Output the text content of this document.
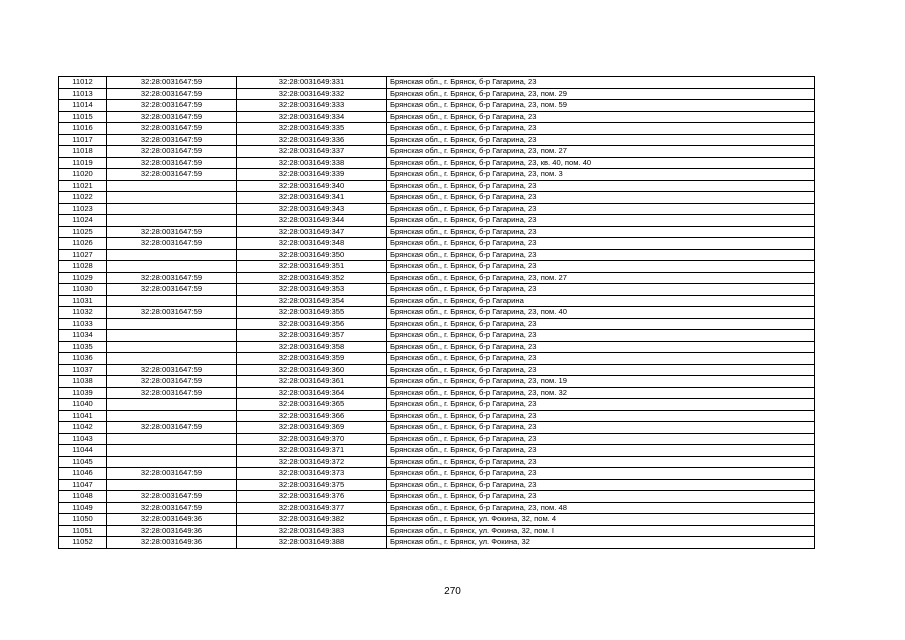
11012	32:28:0031647:59	32:28:0031649:331	Брянская обл., г. Брянск, б-р Гагарина, 23
11013	32:28:0031647:59	32:28:0031649:332	Брянская обл., г. Брянск, б-р Гагарина, 23, пом. 29
11014	32:28:0031647:59	32:28:0031649:333	Брянская обл., г. Брянск, б-р Гагарина, 23, пом. 59
11015	32:28:0031647:59	32:28:0031649:334	Брянская обл., г. Брянск, б-р Гагарина, 23
11016	32:28:0031647:59	32:28:0031649:335	Брянская обл., г. Брянск, б-р Гагарина, 23
11017	32:28:0031647:59	32:28:0031649:336	Брянская обл., г. Брянск, б-р Гагарина, 23
11018	32:28:0031647:59	32:28:0031649:337	Брянская обл., г. Брянск, б-р Гагарина, 23, пом. 27
11019	32:28:0031647:59	32:28:0031649:338	Брянская обл., г. Брянск, б-р Гагарина, 23, кв. 40, пом. 40
11020	32:28:0031647:59	32:28:0031649:339	Брянская обл., г. Брянск, б-р Гагарина, 23, пом. 3
11021		32:28:0031649:340	Брянская обл., г. Брянск, б-р Гагарина, 23
11022		32:28:0031649:341	Брянская обл., г. Брянск, б-р Гагарина, 23
11023		32:28:0031649:343	Брянская обл., г. Брянск, б-р Гагарина, 23
11024		32:28:0031649:344	Брянская обл., г. Брянск, б-р Гагарина, 23
11025	32:28:0031647:59	32:28:0031649:347	Брянская обл., г. Брянск, б-р Гагарина, 23
11026	32:28:0031647:59	32:28:0031649:348	Брянская обл., г. Брянск, б-р Гагарина, 23
11027		32:28:0031649:350	Брянская обл., г. Брянск, б-р Гагарина, 23
11028		32:28:0031649:351	Брянская обл., г. Брянск, б-р Гагарина, 23
11029	32:28:0031647:59	32:28:0031649:352	Брянская обл., г. Брянск, б-р Гагарина, 23, пом. 27
11030	32:28:0031647:59	32:28:0031649:353	Брянская обл., г. Брянск, б-р Гагарина, 23
11031		32:28:0031649:354	Брянская обл., г. Брянск, б-р Гагарина
11032	32:28:0031647:59	32:28:0031649:355	Брянская обл., г. Брянск, б-р Гагарина, 23, пом. 40
11033		32:28:0031649:356	Брянская обл., г. Брянск, б-р Гагарина, 23
11034		32:28:0031649:357	Брянская обл., г. Брянск, б-р Гагарина, 23
11035		32:28:0031649:358	Брянская обл., г. Брянск, б-р Гагарина, 23
11036		32:28:0031649:359	Брянская обл., г. Брянск, б-р Гагарина, 23
11037	32:28:0031647:59	32:28:0031649:360	Брянская обл., г. Брянск, б-р Гагарина, 23
11038	32:28:0031647:59	32:28:0031649:361	Брянская обл., г. Брянск, б-р Гагарина, 23, пом. 19
11039	32:28:0031647:59	32:28:0031649:364	Брянская обл., г. Брянск, б-р Гагарина, 23, пом. 32
11040		32:28:0031649:365	Брянская обл., г. Брянск, б-р Гагарина, 23
11041		32:28:0031649:366	Брянская обл., г. Брянск, б-р Гагарина, 23
11042	32:28:0031647:59	32:28:0031649:369	Брянская обл., г. Брянск, б-р Гагарина, 23
11043		32:28:0031649:370	Брянская обл., г. Брянск, б-р Гагарина, 23
11044		32:28:0031649:371	Брянская обл., г. Брянск, б-р Гагарина, 23
11045		32:28:0031649:372	Брянская обл., г. Брянск, б-р Гагарина, 23
11046	32:28:0031647:59	32:28:0031649:373	Брянская обл., г. Брянск, б-р Гагарина, 23
11047		32:28:0031649:375	Брянская обл., г. Брянск, б-р Гагарина, 23
11048	32:28:0031647:59	32:28:0031649:376	Брянская обл., г. Брянск, б-р Гагарина, 23
11049	32:28:0031647:59	32:28:0031649:377	Брянская обл., г. Брянск, б-р Гагарина, 23, пом. 48
11050	32:28:0031649:36	32:28:0031649:382	Брянская обл., г. Брянск, ул. Фокина, 32, пом. 4
11051	32:28:0031649:36	32:28:0031649:383	Брянская обл., г. Брянск, ул. Фокина, 32, пом. I
11052	32:28:0031649:36	32:28:0031649:388	Брянская обл., г. Брянск, ул. Фокина, 32
270
